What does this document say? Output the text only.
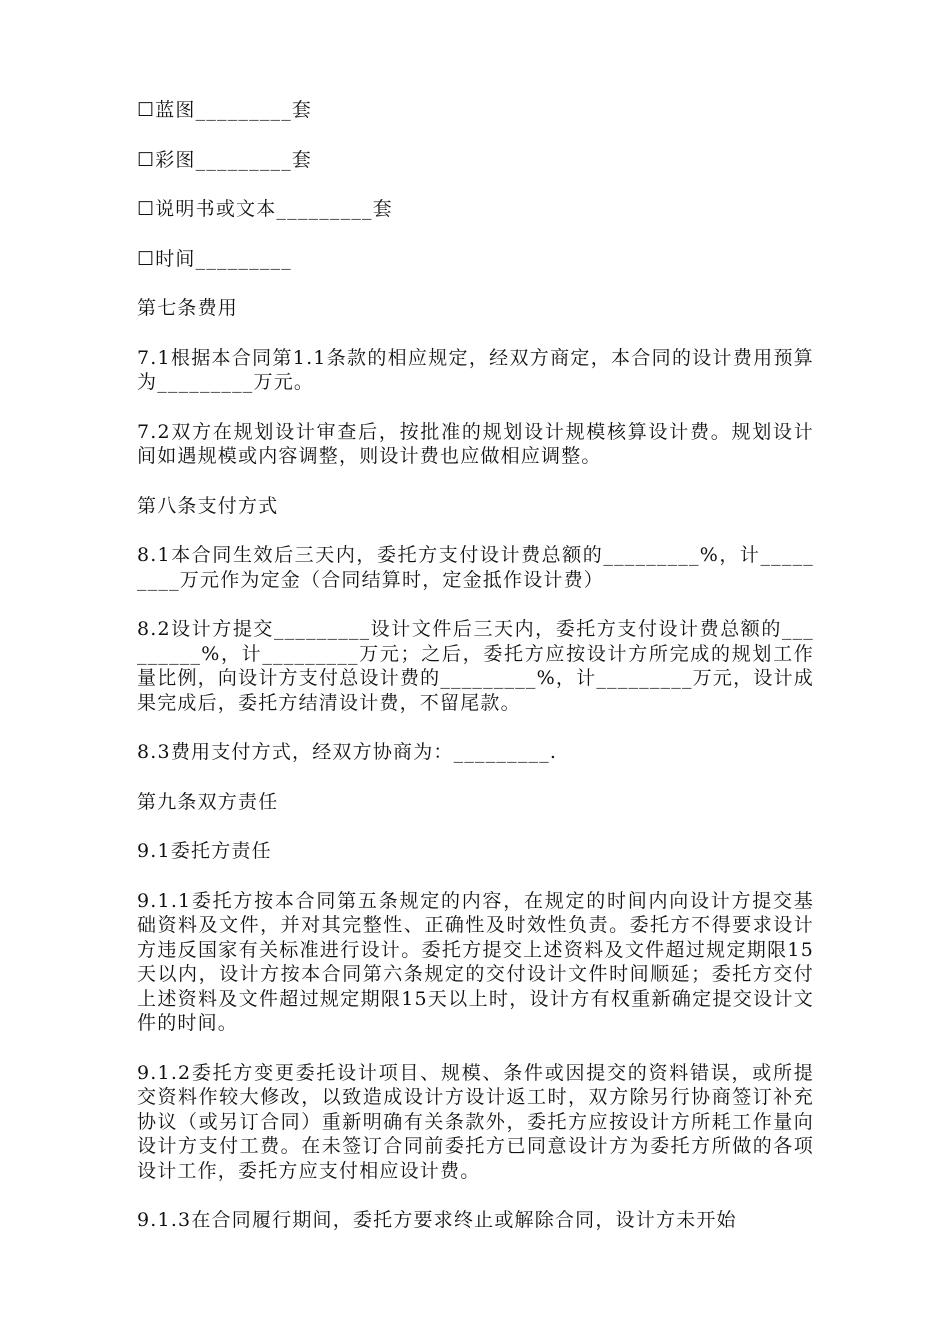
☐蓝图_________套

☐彩图_________套

☐说明书或文本_________套

☐时间_________

第七条费用

7.1根据本合同第1.1条款的相应规定，经双方商定，本合同的设计费用预算为_________万元。

7.2双方在规划设计审查后，按批准的规划设计规模核算设计费。规划设计间如遇规模或内容调整，则设计费也应做相应调整。

第八条支付方式

8.1本合同生效后三天内，委托方支付设计费总额的_________%，计_________万元作为定金（合同结算时，定金抵作设计费）

8.2设计方提交_________设计文件后三天内，委托方支付设计费总额的_________%，计_________万元；之后，委托方应按设计方所完成的规划工作量比例，向设计方支付总设计费的_________%，计_________万元，设计成果完成后，委托方结清设计费，不留尾款。

8.3费用支付方式，经双方协商为：_________.

第九条双方责任

9.1委托方责任

9.1.1委托方按本合同第五条规定的内容，在规定的时间内向设计方提交基础资料及文件，并对其完整性、正确性及时效性负责。委托方不得要求设计方违反国家有关标准进行设计。委托方提交上述资料及文件超过规定期限15天以内，设计方按本合同第六条规定的交付设计文件时间顺延；委托方交付上述资料及文件超过规定期限15天以上时，设计方有权重新确定提交设计文件的时间。

9.1.2委托方变更委托设计项目、规模、条件或因提交的资料错误，或所提交资料作较大修改，以致造成设计方设计返工时，双方除另行协商签订补充协议（或另订合同）重新明确有关条款外，委托方应按设计方所耗工作量向设计方支付工费。在未签订合同前委托方已同意设计方为委托方所做的各项设计工作，委托方应支付相应设计费。

9.1.3在合同履行期间，委托方要求终止或解除合同，设计方未开始
